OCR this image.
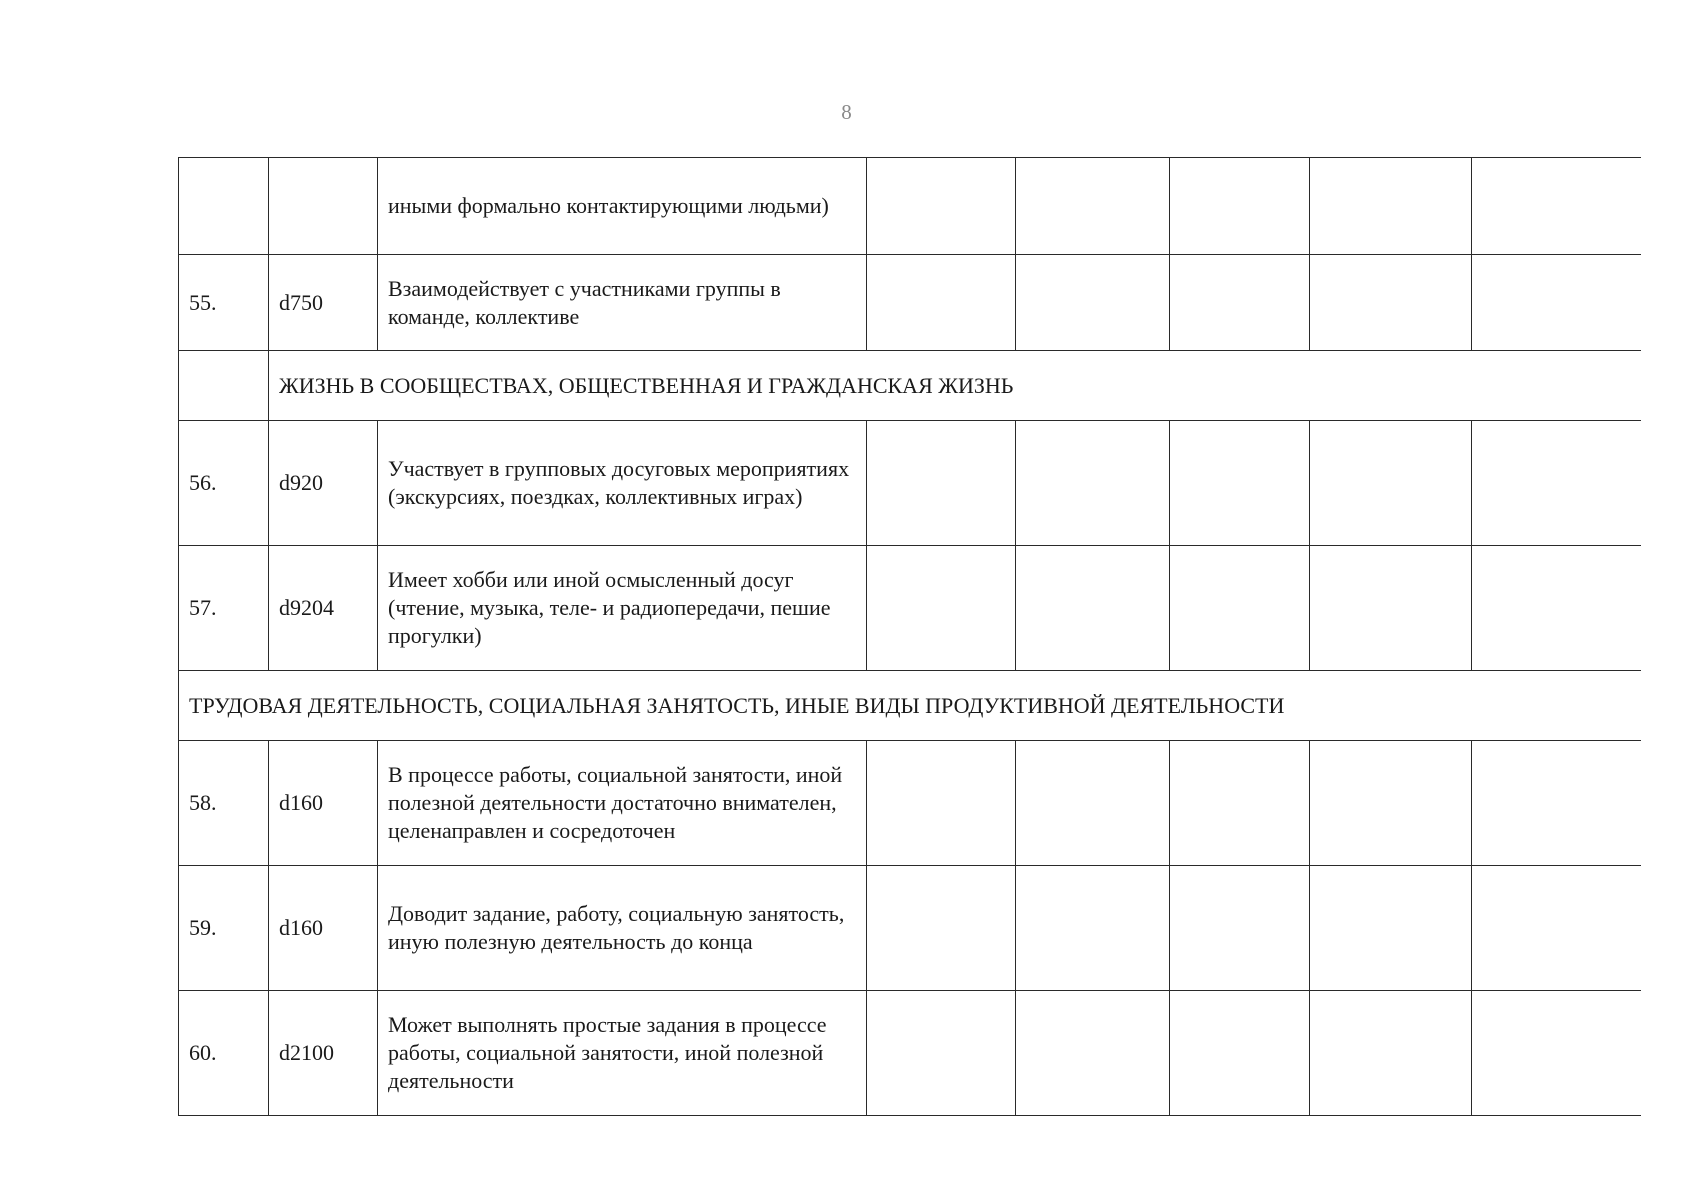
8
		иными формально контактирующими людьми)					
55.	d750	Взаимодействует с участниками группы в команде, коллективе					
	ЖИЗНЬ В СООБЩЕСТВАХ, ОБЩЕСТВЕННАЯ И ГРАЖДАНСКАЯ ЖИЗНЬ						
56.	d920	Участвует в групповых досуговых мероприятиях (экскурсиях, поездках, коллективных играх)					
57.	d9204	Имеет хобби или иной осмысленный досуг (чтение, музыка, теле- и радиопередачи, пешие прогулки)					
ТРУДОВАЯ ДЕЯТЕЛЬНОСТЬ, СОЦИАЛЬНАЯ ЗАНЯТОСТЬ, ИНЫЕ ВИДЫ ПРОДУКТИВНОЙ ДЕЯТЕЛЬНОСТИ							
58.	d160	В процессе работы, социальной занятости, иной полезной деятельности достаточно внимателен, целенаправлен и сосредоточен					
59.	d160	Доводит задание, работу, социальную занятость, иную полезную деятельность до конца					
60.	d2100	Может выполнять простые задания в процессе работы, социальной занятости, иной полезной деятельности					
